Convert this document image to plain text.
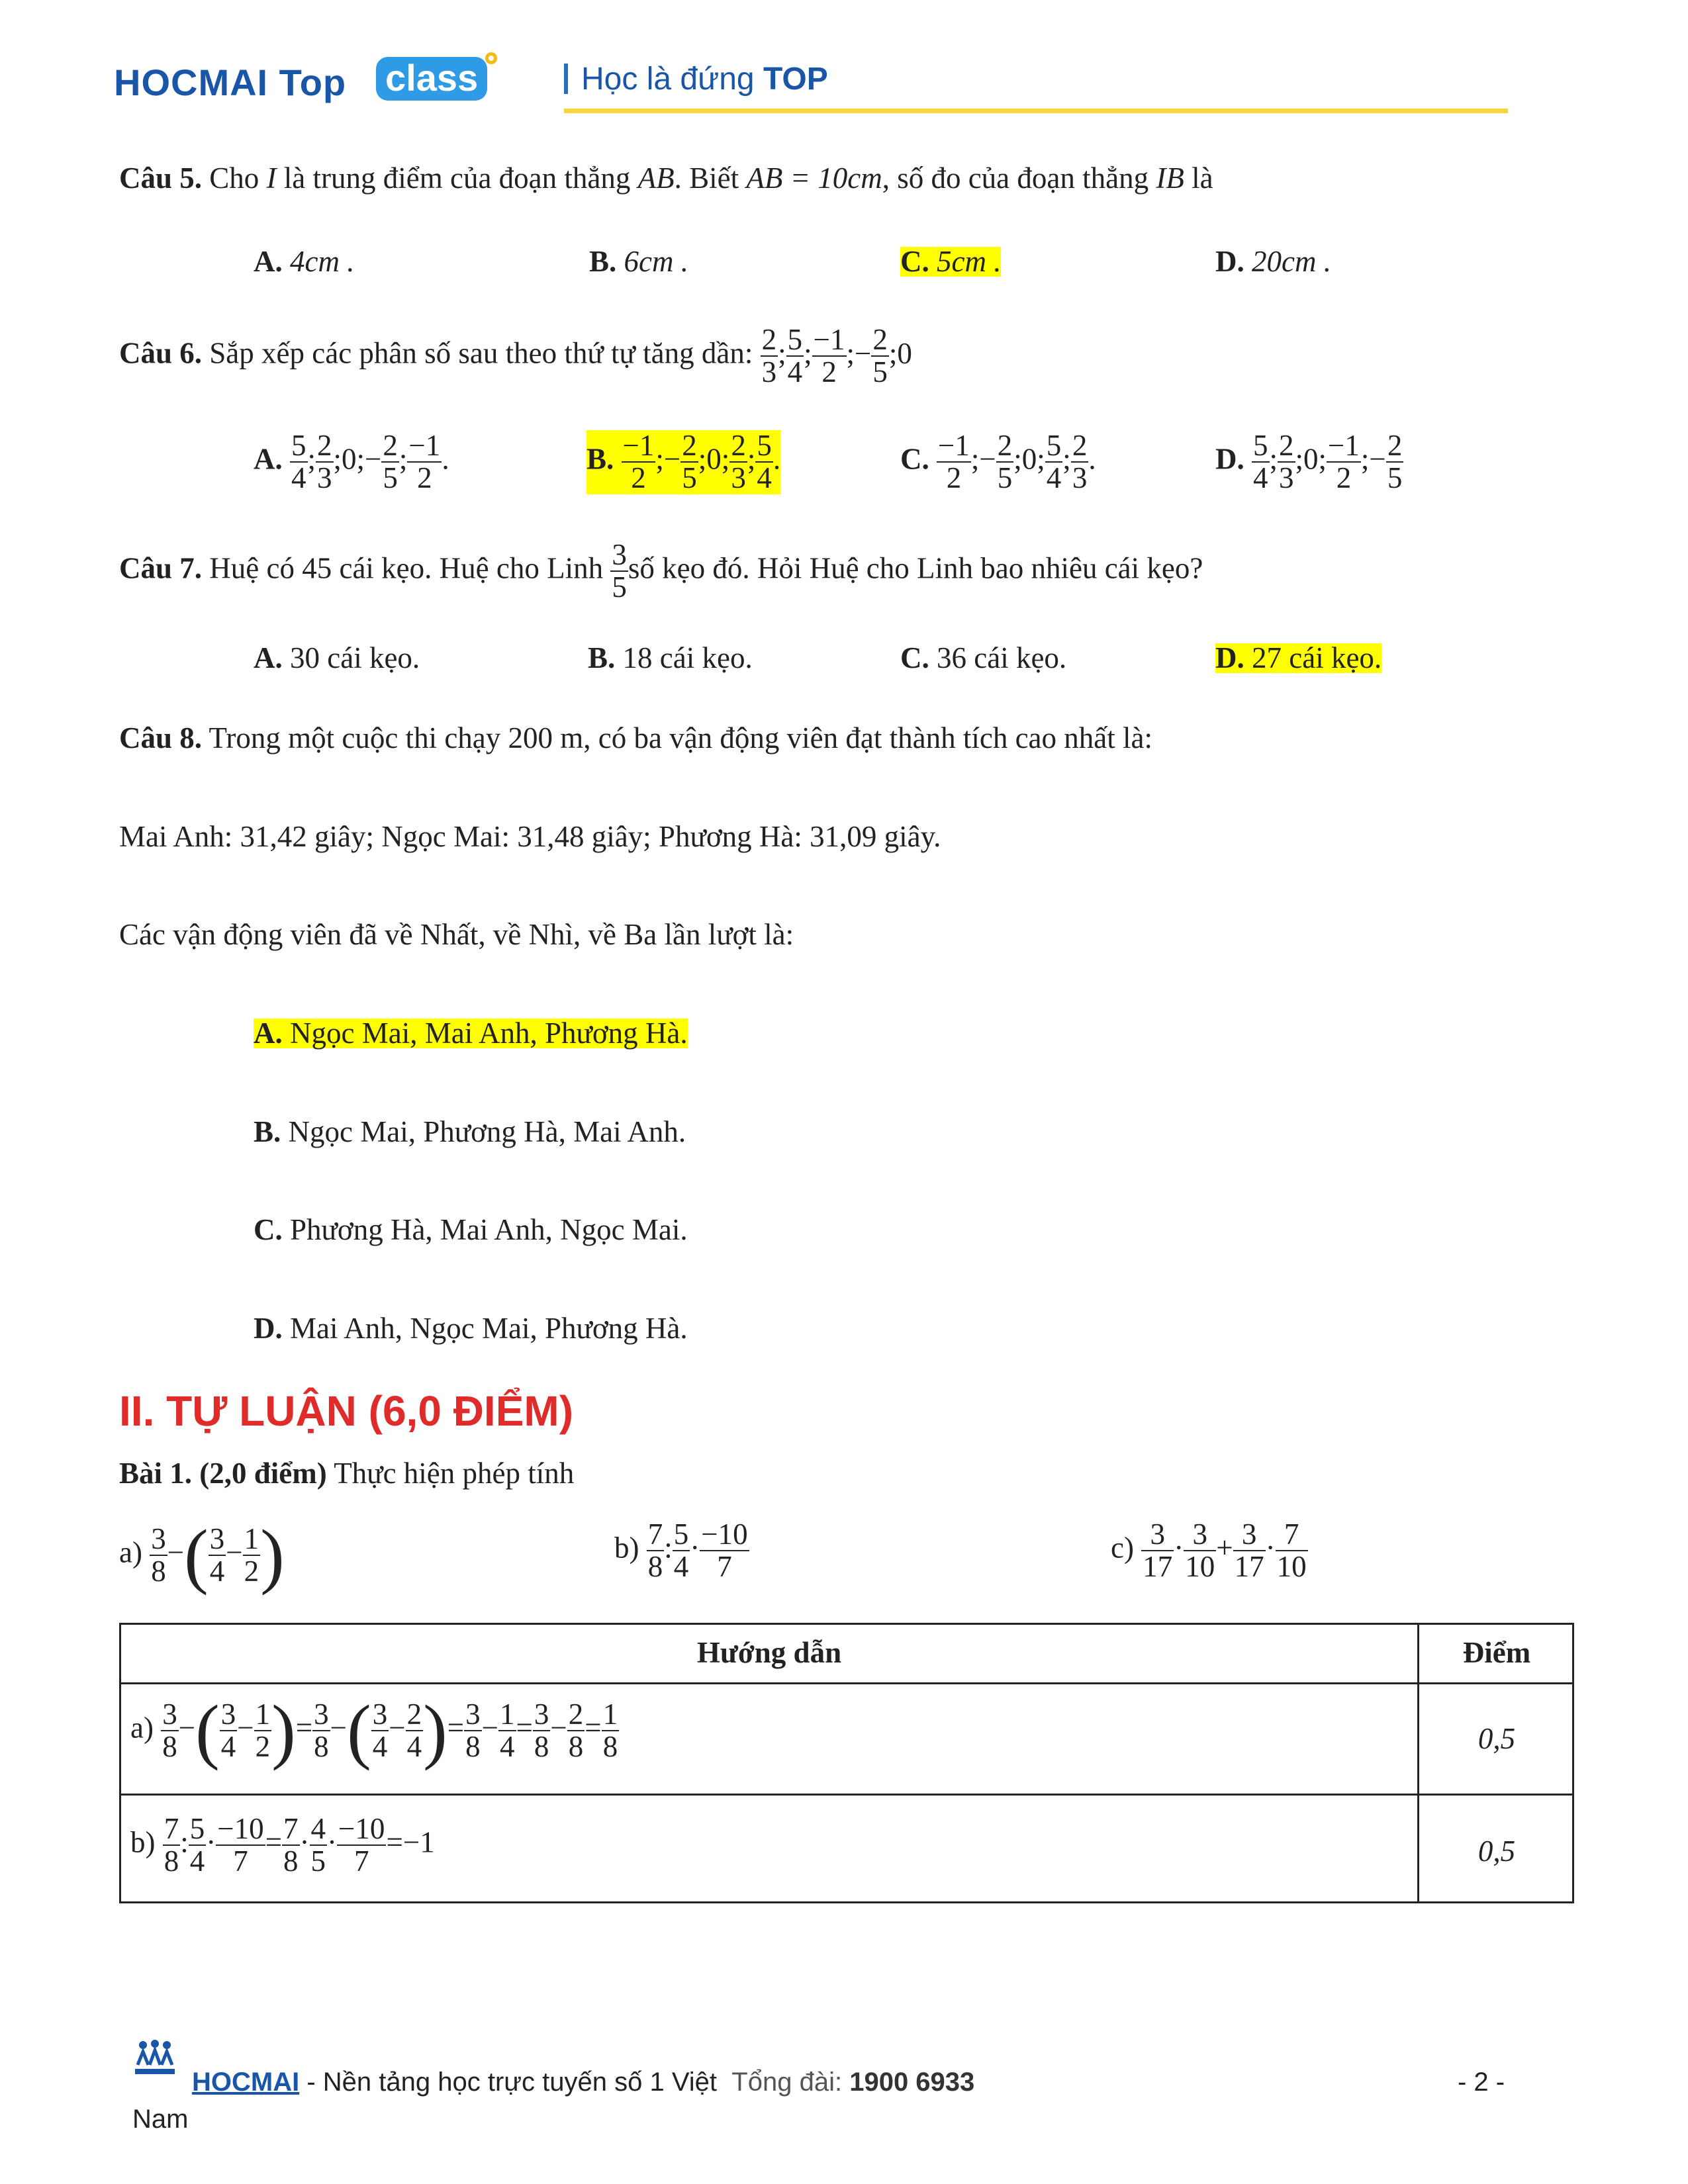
HOCMAI Top class	Học là đứng TOP
Câu 5. Cho I là trung điểm của đoạn thẳng AB. Biết AB = 10cm, số đo của đoạn thẳng IB là
A. 4cm .	B. 6cm .	C. 5cm .	D. 20cm .
Câu 6. Sắp xếp các phân số sau theo thứ tự tăng dần: $\frac{2}{3}$ ; $\frac{5}{4}$ ; $\frac{-1}{2}$ ;− $\frac{2}{5}$ ;0
A. $\frac{5}{4}$ ; $\frac{2}{3}$ ;0;− $\frac{2}{5}$ ; $\frac{-1}{2}$ .	B. $\frac{-1}{2}$ ;− $\frac{2}{5}$ ;0; $\frac{2}{3}$ ; $\frac{5}{4}$ .	C. $\frac{-1}{2}$ ;− $\frac{2}{5}$ ;0; $\frac{5}{4}$ ; $\frac{2}{3}$ .	D. $\frac{5}{4}$ ; $\frac{2}{3}$ ;0; $\frac{-1}{2}$ ;− $\frac{2}{5}$
Câu 7. Huệ có 45 cái kẹo. Huệ cho Linh $\frac{3}{5}$ số kẹo đó. Hỏi Huệ cho Linh bao nhiêu cái kẹo?
A. 30 cái kẹo.	B. 18 cái kẹo.	C. 36 cái kẹo.	D. 27 cái kẹo.
Câu 8. Trong một cuộc thi chạy 200 m, có ba vận động viên đạt thành tích cao nhất là:
Mai Anh: 31,42 giây; Ngọc Mai: 31,48 giây; Phương Hà: 31,09 giây.
Các vận động viên đã về Nhất, về Nhì, về Ba lần lượt là:
A. Ngọc Mai, Mai Anh, Phương Hà.
B. Ngọc Mai, Phương Hà, Mai Anh.
C. Phương Hà, Mai Anh, Ngọc Mai.
D. Mai Anh, Ngọc Mai, Phương Hà.
II. TỰ LUẬN (6,0 ĐIỂM)
Bài 1. (2,0 điểm) Thực hiện phép tính
$a) \frac{3}{8}$ −( $\frac{3}{4} - \frac{1}{2}$ )	$b) \frac{7}{8}$ : $\frac{5}{4} \cdot \frac{-10}{7}$	$c) \frac{3}{17} \cdot \frac{3}{10} + \frac{3}{17} \cdot \frac{7}{10}$
Hướng dẫn	Điểm
$a) \frac{3}{8}$ −( $\frac{3}{4} - \frac{1}{2}$ )= $\frac{3}{8}$ −( $\frac{3}{4} - \frac{2}{4}$ )= $\frac{3}{8} - \frac{1}{4} = \frac{3}{8} - \frac{2}{8} = \frac{1}{8}$	0,5
$b) \frac{7}{8}$ : $\frac{5}{4} \cdot \frac{-10}{7} = \frac{7}{8} \cdot \frac{4}{5} \cdot \frac{-10}{7} =-1$	0,5
HOCMAI - Nền tảng học trực tuyến số 1 Việt Tổng đài: 1900 6933	- 2 -
Nam
